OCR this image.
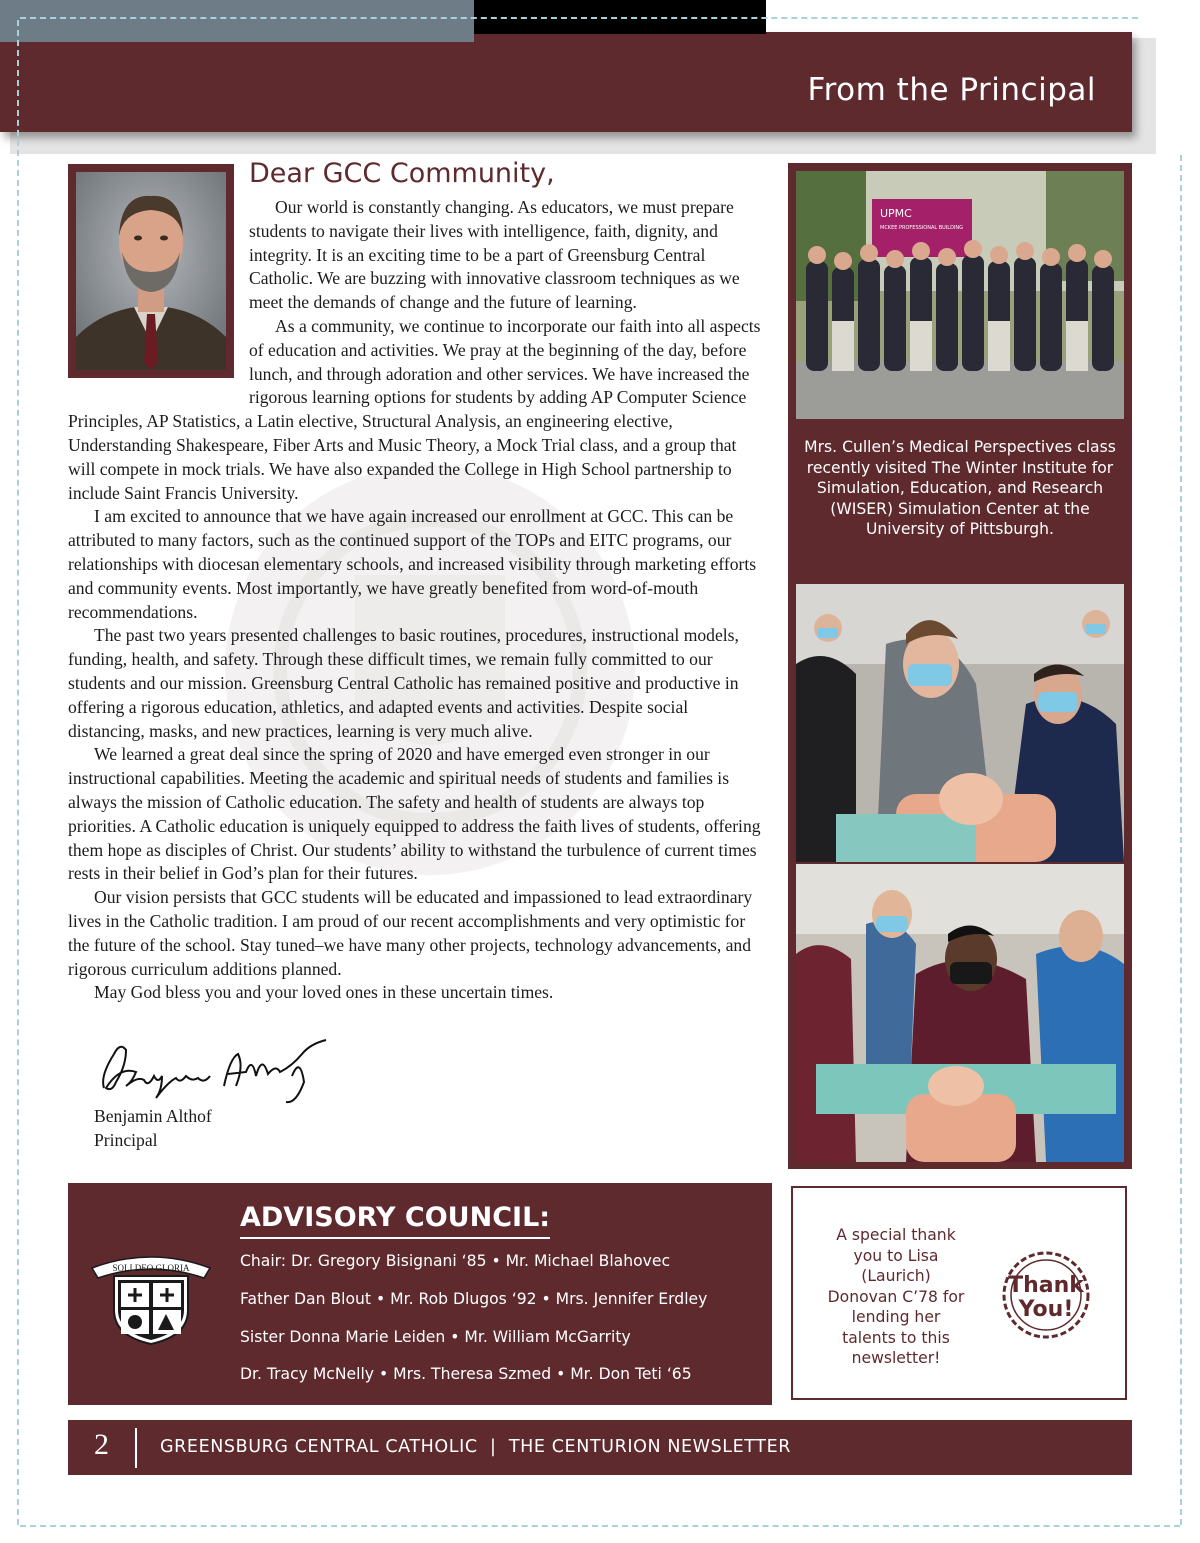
From the Principal
Dear GCC Community,

Our world is constantly changing. As educators, we must prepare students to navigate their lives with intelligence, faith, dignity, and integrity. It is an exciting time to be a part of Greensburg Central Catholic. We are buzzing with innovative classroom techniques as we meet the demands of change and the future of learning.

As a community, we continue to incorporate our faith into all aspects of education and activities. We pray at the beginning of the day, before lunch, and through adoration and other services. We have increased the rigorous learning options for students by adding AP Computer Science Principles, AP Statistics, a Latin elective, Structural Analysis, an engineering elective, Understanding Shakespeare, Fiber Arts and Music Theory, a Mock Trial class, and a group that will compete in mock trials. We have also expanded the College in High School partnership to include Saint Francis University.

I am excited to announce that we have again increased our enrollment at GCC. This can be attributed to many factors, such as the continued support of the TOPs and EITC programs, our relationships with diocesan elementary schools, and increased visibility through marketing efforts and community events. Most importantly, we have greatly benefited from word-of-mouth recommendations.

The past two years presented challenges to basic routines, procedures, instructional models, funding, health, and safety. Through these difficult times, we remain fully committed to our students and our mission. Greensburg Central Catholic has remained positive and productive in offering a rigorous education, athletics, and adapted events and activities. Despite social distancing, masks, and new practices, learning is very much alive.

We learned a great deal since the spring of 2020 and have emerged even stronger in our instructional capabilities. Meeting the academic and spiritual needs of students and families is always the mission of Catholic education. The safety and health of students are always top priorities. A Catholic education is uniquely equipped to address the faith lives of students, offering them hope as disciples of Christ. Our students’ ability to withstand the turbulence of current times rests in their belief in God’s plan for their futures.

Our vision persists that GCC students will be educated and impassioned to lead extraordinary lives in the Catholic tradition. I am proud of our recent accomplishments and very optimistic for the future of the school. Stay tuned–we have many other projects, technology advancements, and rigorous curriculum additions planned.

May God bless you and your loved ones in these uncertain times.

Benjamin Althof
Principal
UPMC
MCKEE PROFESSIONAL BUILDING
Mrs. Cullen’s Medical Perspectives class recently visited The Winter Institute for Simulation, Education, and Research (WISER) Simulation Center at the University of Pittsburgh.
SOLI DEO GLORIA
ADVISORY COUNCIL:
Chair: Dr. Gregory Bisignani ‘85 • Mr. Michael Blahovec
Father Dan Blout • Mr. Rob Dlugos ‘92 • Mrs. Jennifer Erdley
Sister Donna Marie Leiden • Mr. William McGarrity
Dr. Tracy McNelly • Mrs. Theresa Szmed • Mr. Don Teti ‘65
A special thank you to Lisa (Laurich) Donovan C’78 for lending her talents to this newsletter!
Thank
You!
2	GREENSBURG CENTRAL CATHOLIC  |  THE CENTURION NEWSLETTER
